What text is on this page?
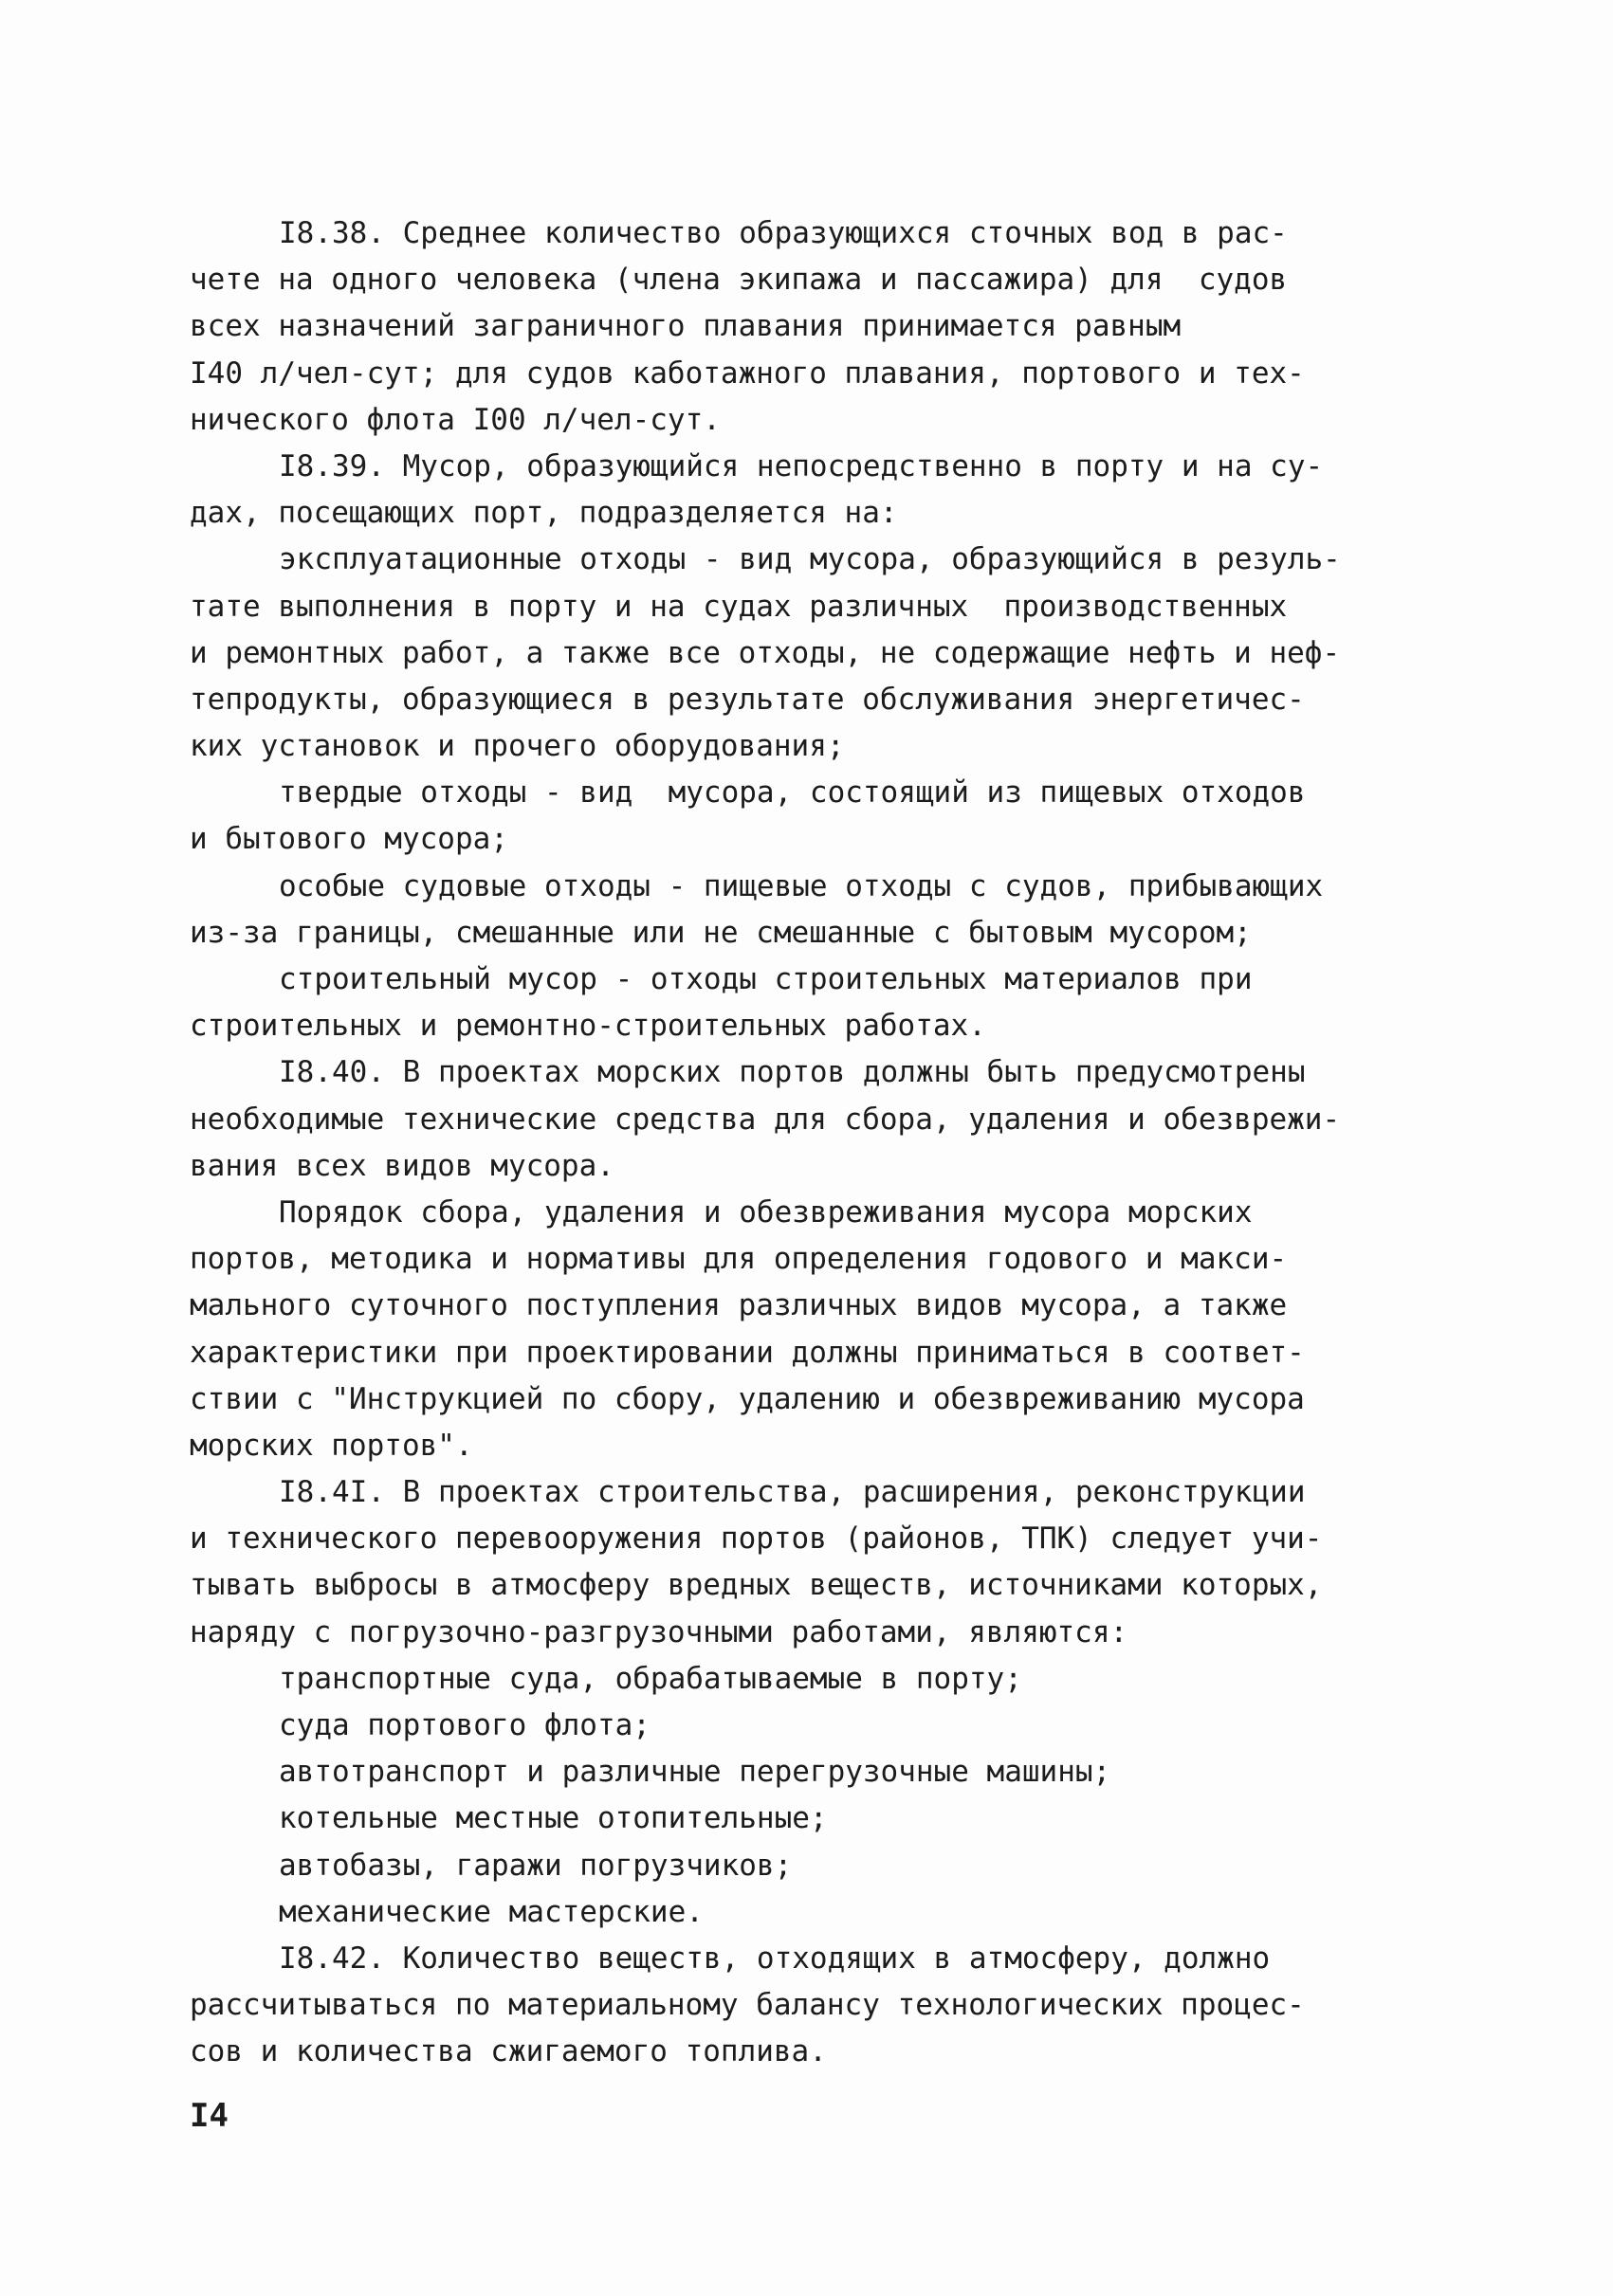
I8.38. Среднее количество образующихся сточных вод в рас-
чете на одного человека (члена экипажа и пассажира) для  судов
всех назначений заграничного плавания принимается равным
I40 л/чел-сут; для судов каботажного плавания, портового и тех-
нического флота I00 л/чел-сут.
I8.39. Мусор, образующийся непосредственно в порту и на су-
дах, посещающих порт, подразделяется на:
эксплуатационные отходы - вид мусора, образующийся в резуль-
тате выполнения в порту и на судах различных  производственных
и ремонтных работ, а также все отходы, не содержащие нефть и неф-
тепродукты, образующиеся в результате обслуживания энергетичес-
ких установок и прочего оборудования;
твердые отходы - вид  мусора, состоящий из пищевых отходов
и бытового мусора;
особые судовые отходы - пищевые отходы с судов, прибывающих
из-за границы, смешанные или не смешанные с бытовым мусором;
строительный мусор - отходы строительных материалов при
строительных и ремонтно-строительных работах.
I8.40. В проектах морских портов должны быть предусмотрены
необходимые технические средства для сбора, удаления и обезврежи-
вания всех видов мусора.
Порядок сбора, удаления и обезвреживания мусора морских
портов, методика и нормативы для определения годового и макси-
мального суточного поступления различных видов мусора, а также
характеристики при проектировании должны приниматься в соответ-
ствии с "Инструкцией по сбору, удалению и обезвреживанию мусора
морских портов".
I8.4I. В проектах строительства, расширения, реконструкции
и технического перевооружения портов (районов, ТПК) следует учи-
тывать выбросы в атмосферу вредных веществ, источниками которых,
наряду с погрузочно-разгрузочными работами, являются:
транспортные суда, обрабатываемые в порту;
суда портового флота;
автотранспорт и различные перегрузочные машины;
котельные местные отопительные;
автобазы, гаражи погрузчиков;
механические мастерские.
I8.42. Количество веществ, отходящих в атмосферу, должно
рассчитываться по материальному балансу технологических процес-
сов и количества сжигаемого топлива.
I4
